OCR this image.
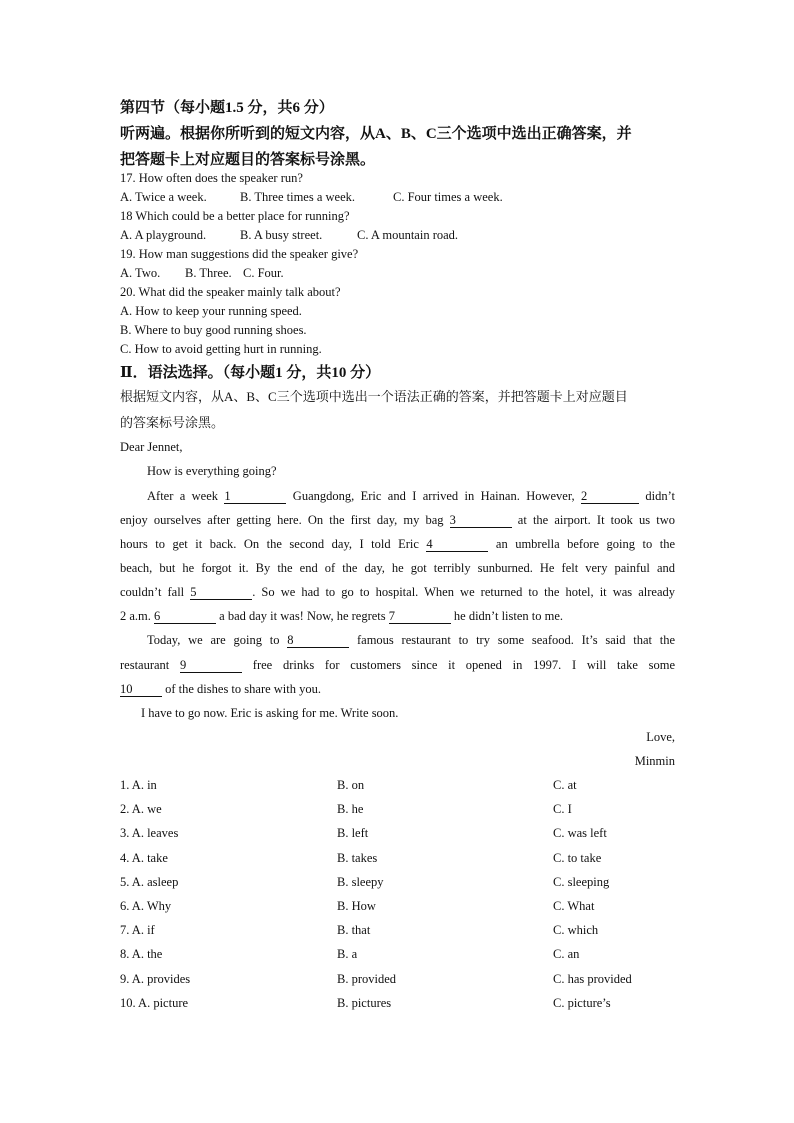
第四节（每小题1.5 分，共6 分）
听两遍。根据你所听到的短文内容，从A、B、C三个选项中选出正确答案，并
把答题卡上对应题目的答案标号涂黑。
17. How often does the speaker run?
A. Twice a week.	B. Three times a week.	C. Four times a week.
18 Which could be a better place for running?
A. A playground.	B. A busy street.	C. A mountain road.
19. How man suggestions did the speaker give?
A. Two. B. Three. C. Four.
20. What did the speaker mainly talk about?
A. How to keep your running speed.
B. Where to buy good running shoes.
C. How to avoid getting hurt in running.
Ⅱ．语法选择。（每小题1 分，共10 分）
根据短文内容，从A、B、C三个选项中选出一个语法正确的答案，并把答题卡上对应题目
的答案标号涂黑。
Dear Jennet,
How is everything going?
After a week 1	Guangdong, Eric and I arrived in Hainan. However, 2	didn’t
enjoy ourselves after getting here. On the first day, my bag 3	at the airport. It took us two
hours to get it back. On the second day, I told Eric 4	an umbrella before going to the
beach, but he forgot it. By the end of the day, he got terribly sunburned. He felt very painful and
couldn’t fall 5	. So we had to go to hospital. When we returned to the hotel, it was already
2 a.m. 6	a bad day it was! Now, he regrets 7	he didn’t listen to me.
Today, we are going to 8	famous restaurant to try some seafood. It’s said that the
restaurant 9	free drinks for customers since it opened in 1997. I will take some
10	of the dishes to share with you.
I have to go now. Eric is asking for me. Write soon.
Love,
Minmin
1. A. in	B. on	C. at
2. A. we	B. he	C. I
3. A. leaves	B. left	C. was left
4. A. take	B. takes	C. to take
5. A. asleep	B. sleepy	C. sleeping
6. A. Why	B. How	C. What
7. A. if	B. that	C. which
8. A. the	B. a	C. an
9. A. provides	B. provided	C. has provided
10. A. picture	B. pictures	C. picture’s
